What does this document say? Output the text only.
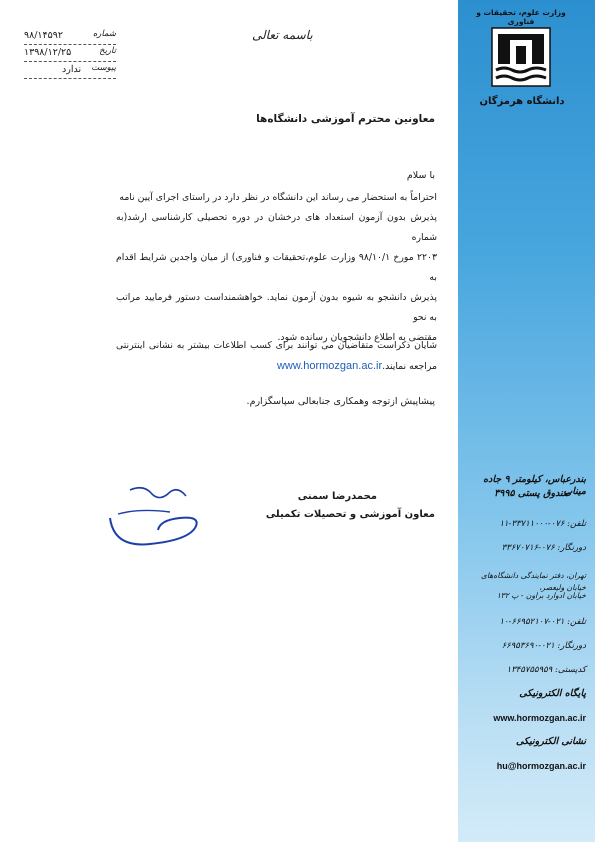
وزارت علوم، تحقیقات و فناوری
دانشگاه هرمزگان
بندرعباس، کیلومتر ۹ جاده میناب
صندوق پستی ۳۹۹۵
تلفن: ۰۷۶-۳۳۷۱۱۰۰۰-۱۱
دورنگار: ۰۷۶-۳۳۶۷۰۷۱۶
تهران، دفتر نمایندگی دانشگاه‌های خیابان ولیعصر،
خیابان ادوارد براون - پ ۱۳۲
تلفن: ۰۲۱-۶۶۹۵۲۱۰۷-۱۰
دورنگار: ۰۲۱-۶۶۹۵۳۶۹۰
کدپستی: ۱۳۴۵۷۵۵۹۵۹
پایگاه الکترونیکی
www.hormozgan.ac.ir
نشانی الکترونیکی
hu@hormozgan.ac.ir
۹۸/۱۴۵۹۲	شماره
۱۳۹۸/۱۲/۲۵	تاریخ
ندارد پیوست
باسمه تعالی
معاونین محترم آموزشی دانشگاه‌ها
با سلام
احتراماً به استحضار می رساند این دانشگاه در نظر دارد در راستای اجرای آیین نامه
پذیرش بدون آزمون استعداد های درخشان در دوره تحصیلی کارشناسی ارشد(به شماره
۲۲۰۳ مورخ ۹۸/۱۰/۱ وزارت علوم،تحقیقات و فناوری) از میان واجدین شرایط اقدام به
پذیرش دانشجو به شیوه بدون آزمون نماید. خواهشمنداست دستور فرمایید مراتب به نحو
مقتضی به اطلاع دانشجویان رسانده شود.
شایان ذکراست متقاضیان می توانند برای کسب اطلاعات بیشتر به نشانی اینترنتی
مراجعه نمایند.www.hormozgan.ac.ir
پیشاپیش ازتوجه وهمکاری جنابعالی سپاسگزارم.
محمدرضا سمنی
معاون آموزشی و تحصیلات تکمیلی
